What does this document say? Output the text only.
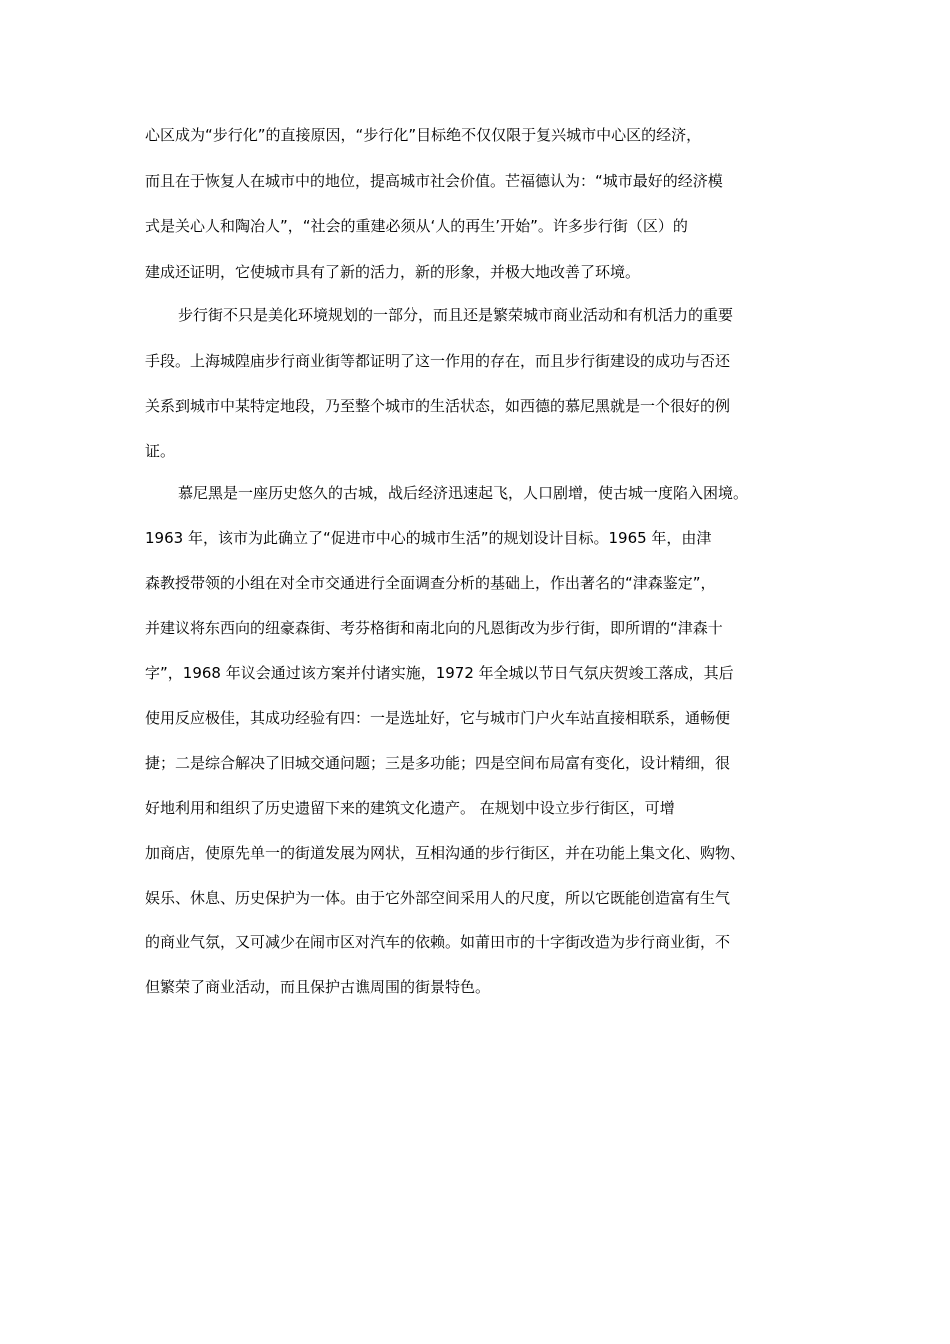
心区成为“步行化”的直接原因，“步行化”目标绝不仅仅限于复兴城市中心区的经济，
而且在于恢复人在城市中的地位，提高城市社会价值。芒福德认为：“城市最好的经济模
式是关心人和陶冶人”，“社会的重建必须从‘人的再生’开始”。许多步行街（区）的
建成还证明，它使城市具有了新的活力，新的形象，并极大地改善了环境。
步行街不只是美化环境规划的一部分，而且还是繁荣城市商业活动和有机活力的重要
手段。上海城隍庙步行商业街等都证明了这一作用的存在，而且步行街建设的成功与否还
关系到城市中某特定地段，乃至整个城市的生活状态，如西德的慕尼黑就是一个很好的例
证。
慕尼黑是一座历史悠久的古城，战后经济迅速起飞，人口剧增，使古城一度陷入困境。
1963 年，该市为此确立了“促进市中心的城市生活”的规划设计目标。1965 年，由津
森教授带领的小组在对全市交通进行全面调查分析的基础上，作出著名的“津森鉴定”，
并建议将东西向的纽豪森街、考芬格街和南北向的凡恩街改为步行街，即所谓的“津森十
字”，1968 年议会通过该方案并付诸实施，1972 年全城以节日气氛庆贺竣工落成，其后
使用反应极佳，其成功经验有四：一是选址好，它与城市门户火车站直接相联系，通畅便
捷；二是综合解决了旧城交通问题；三是多功能；四是空间布局富有变化，设计精细，很
好地利用和组织了历史遗留下来的建筑文化遗产。 在规划中设立步行街区，可增
加商店，使原先单一的街道发展为网状，互相沟通的步行街区，并在功能上集文化、购物、
娱乐、休息、历史保护为一体。由于它外部空间采用人的尺度，所以它既能创造富有生气
的商业气氛，又可减少在闹市区对汽车的依赖。如莆田市的十字街改造为步行商业街，不
但繁荣了商业活动，而且保护古谯周围的街景特色。
